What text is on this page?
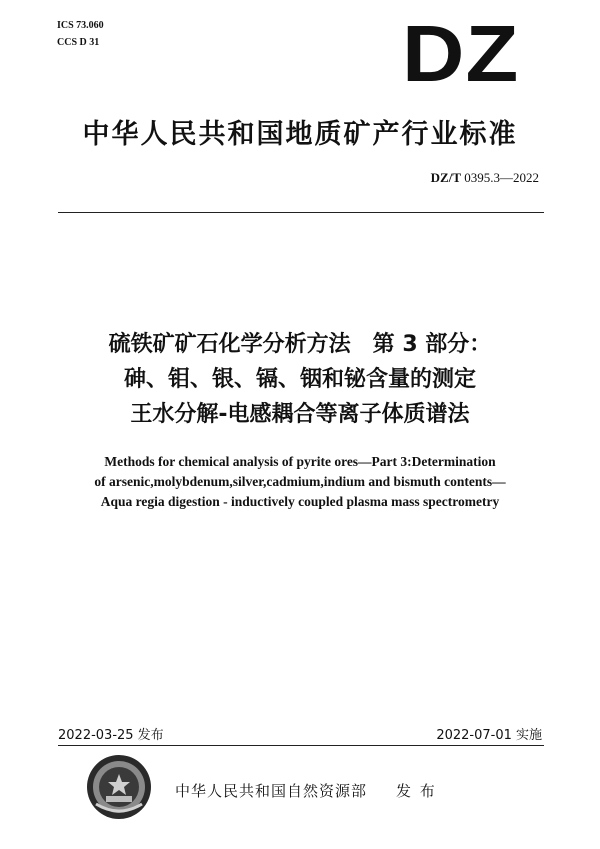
ICS 73.060
CCS D 31	DZ
中华人民共和国地质矿产行业标准
DZ/T 0395.3—2022
硫铁矿矿石化学分析方法　第 3 部分：
砷、钼、银、镉、铟和铋含量的测定
王水分解-电感耦合等离子体质谱法
Methods for chemical analysis of pyrite ores—Part 3:Determination
of arsenic,molybdenum,silver,cadmium,indium and bismuth contents—
Aqua regia digestion - inductively coupled plasma mass spectrometry
2022-03-25 发布	2022-07-01 实施
中华人民共和国自然资源部 发 布
